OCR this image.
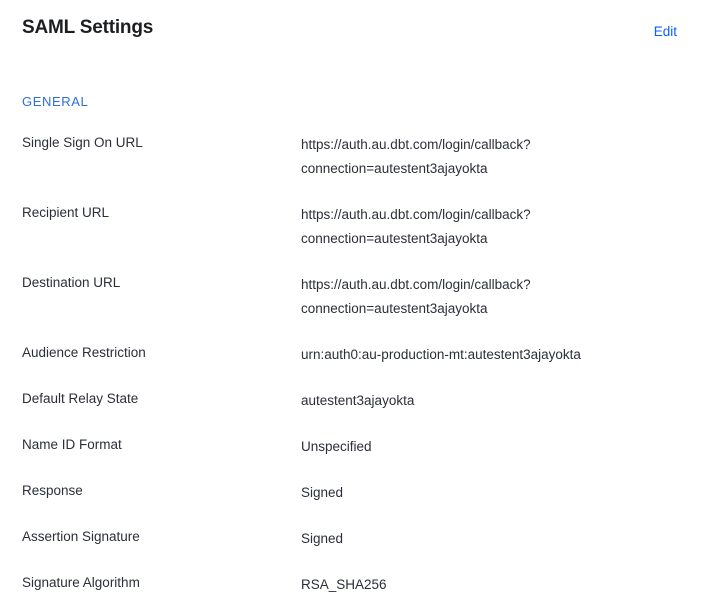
SAML Settings	Edit
GENERAL
Single Sign On URL	https://auth.au.dbt.com/login/callback?
connection=autestent3ajayokta
Recipient URL	https://auth.au.dbt.com/login/callback?
connection=autestent3ajayokta
Destination URL	https://auth.au.dbt.com/login/callback?
connection=autestent3ajayokta
Audience Restriction	urn:auth0:au-production-mt:autestent3ajayokta
Default Relay State	autestent3ajayokta
Name ID Format	Unspecified
Response	Signed
Assertion Signature	Signed
Signature Algorithm	RSA_SHA256
